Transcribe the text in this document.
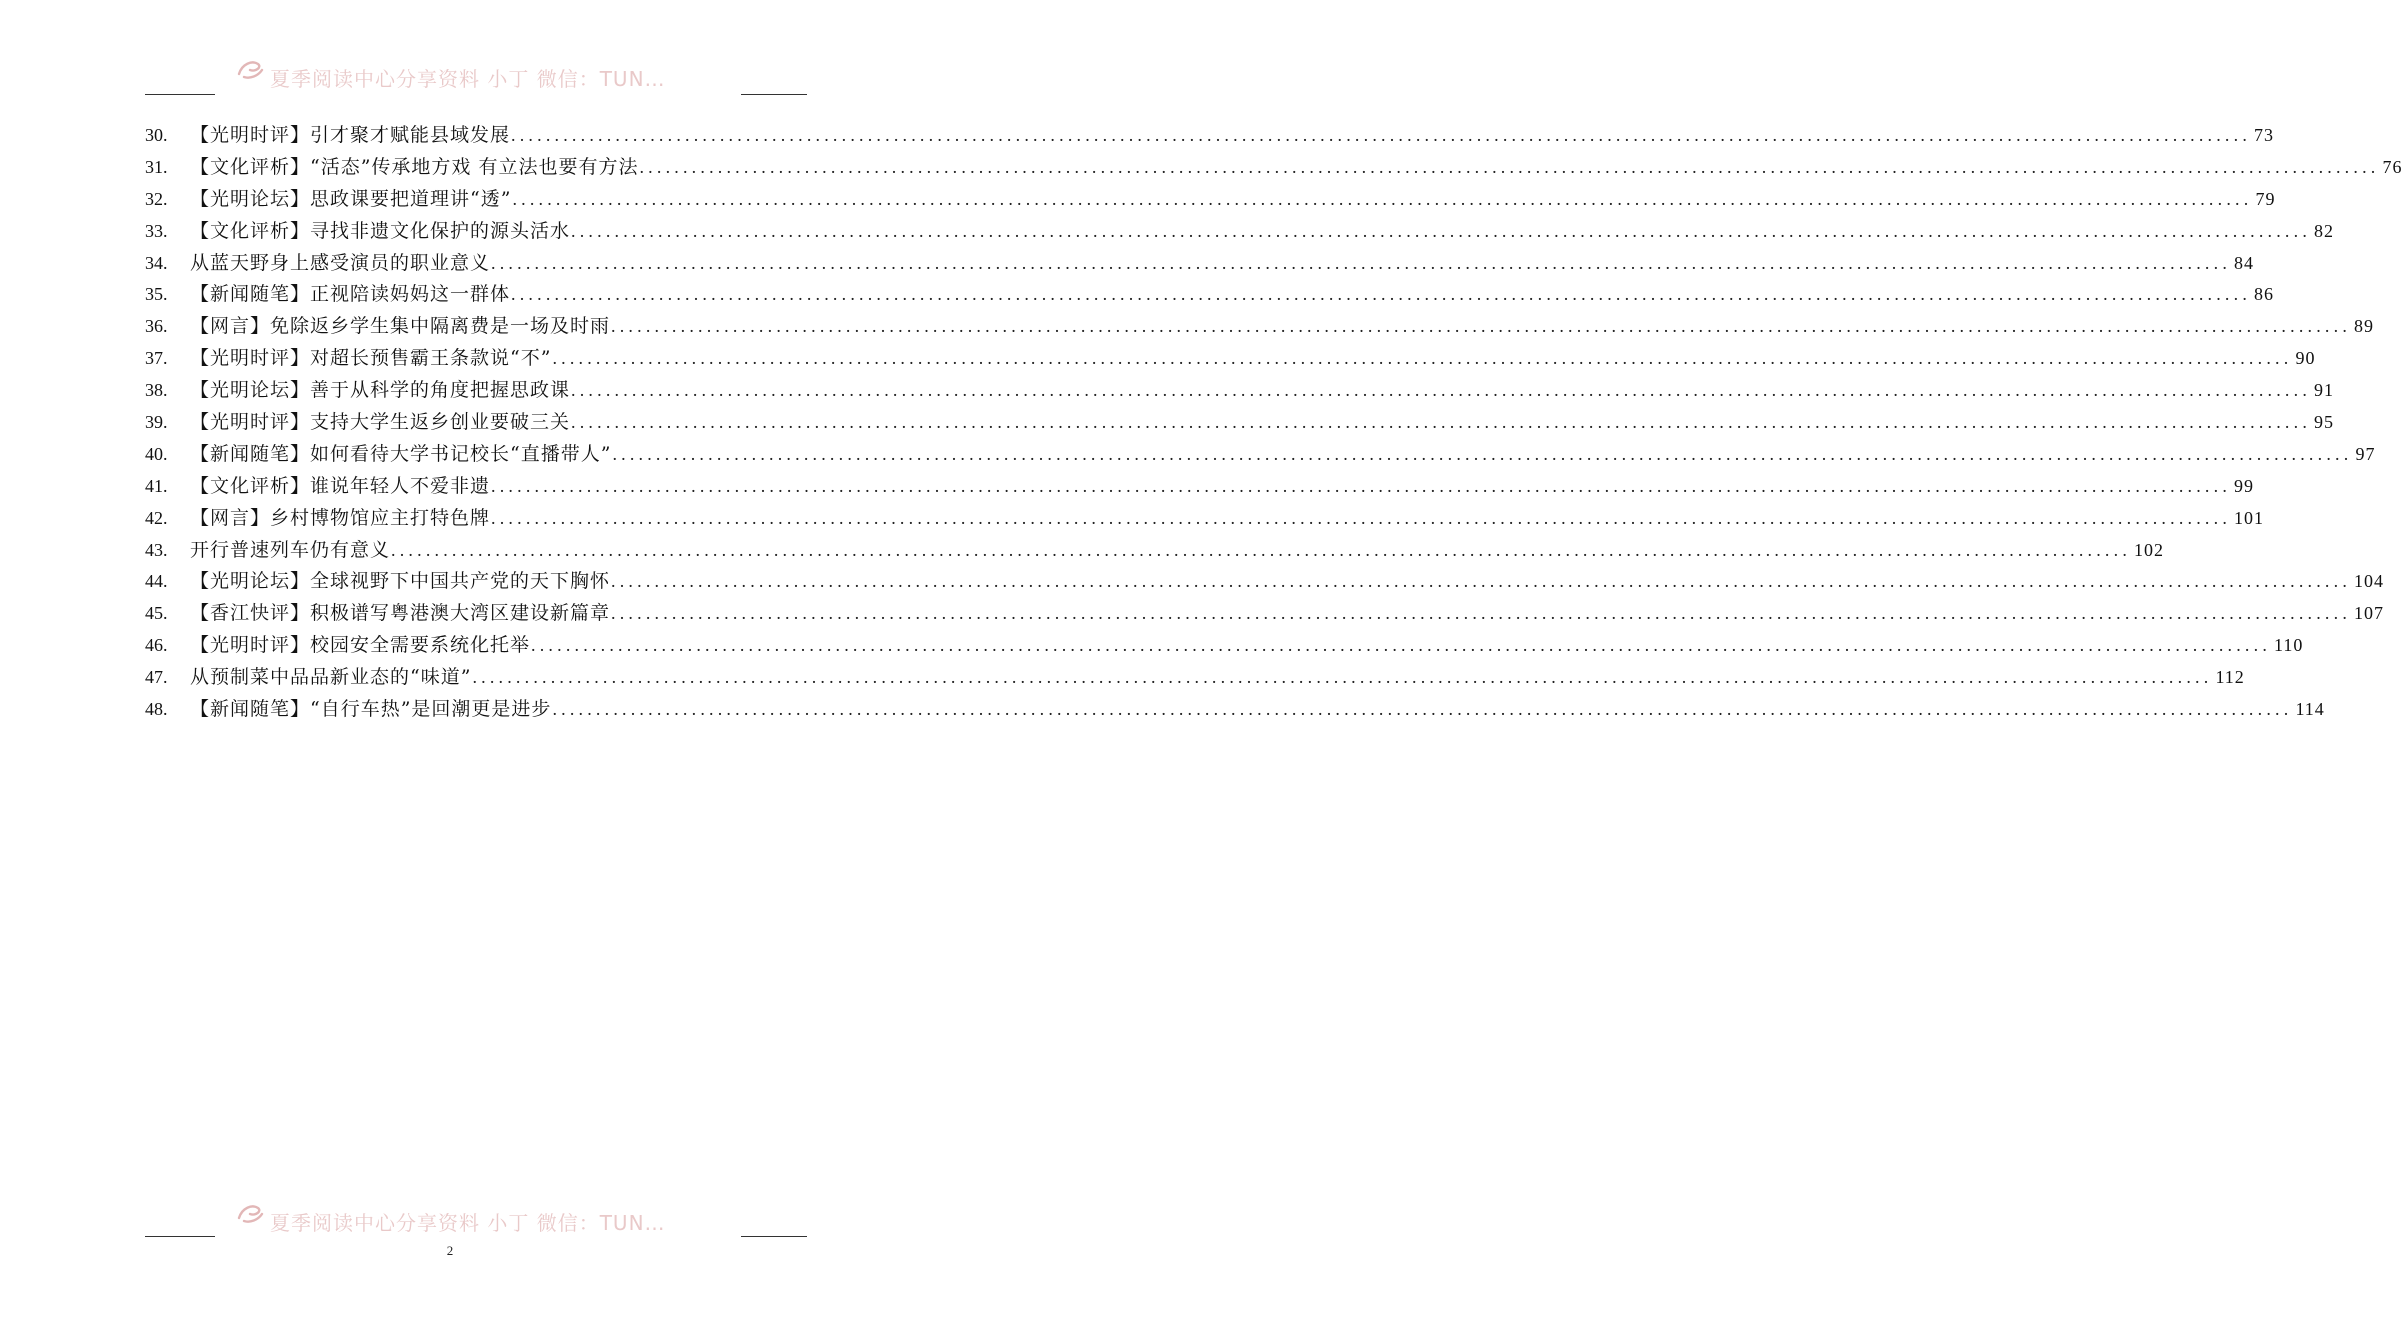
夏季阅读中心分享资料 小丁 微信：TUN…
30.	【光明时评】引才聚才赋能县域发展 ........................................................................................................................................................................................................ 73
31.	【文化评析】“活态”传承地方戏 有立法也要有方法 ........................................................................................................................................................................................................ 76
32.	【光明论坛】思政课要把道理讲“透” ........................................................................................................................................................................................................ 79
33.	【文化评析】寻找非遗文化保护的源头活水 ........................................................................................................................................................................................................ 82
34.	从蓝天野身上感受演员的职业意义 ........................................................................................................................................................................................................ 84
35.	【新闻随笔】正视陪读妈妈这一群体 ........................................................................................................................................................................................................ 86
36.	【网言】免除返乡学生集中隔离费是一场及时雨 ........................................................................................................................................................................................................ 89
37.	【光明时评】对超长预售霸王条款说“不” ........................................................................................................................................................................................................ 90
38.	【光明论坛】善于从科学的角度把握思政课 ........................................................................................................................................................................................................ 91
39.	【光明时评】支持大学生返乡创业要破三关 ........................................................................................................................................................................................................ 95
40.	【新闻随笔】如何看待大学书记校长“直播带人” ........................................................................................................................................................................................................ 97
41.	【文化评析】谁说年轻人不爱非遗 ........................................................................................................................................................................................................ 99
42.	【网言】乡村博物馆应主打特色牌 ........................................................................................................................................................................................................ 101
43.	开行普速列车仍有意义 ........................................................................................................................................................................................................ 102
44.	【光明论坛】全球视野下中国共产党的天下胸怀 ........................................................................................................................................................................................................ 104
45.	【香江快评】积极谱写粤港澳大湾区建设新篇章 ........................................................................................................................................................................................................ 107
46.	【光明时评】校园安全需要系统化托举 ........................................................................................................................................................................................................ 110
47.	从预制菜中品品新业态的“味道” ........................................................................................................................................................................................................ 112
48.	【新闻随笔】“自行车热”是回潮更是进步 ........................................................................................................................................................................................................ 114
夏季阅读中心分享资料 小丁 微信：TUN…
2
